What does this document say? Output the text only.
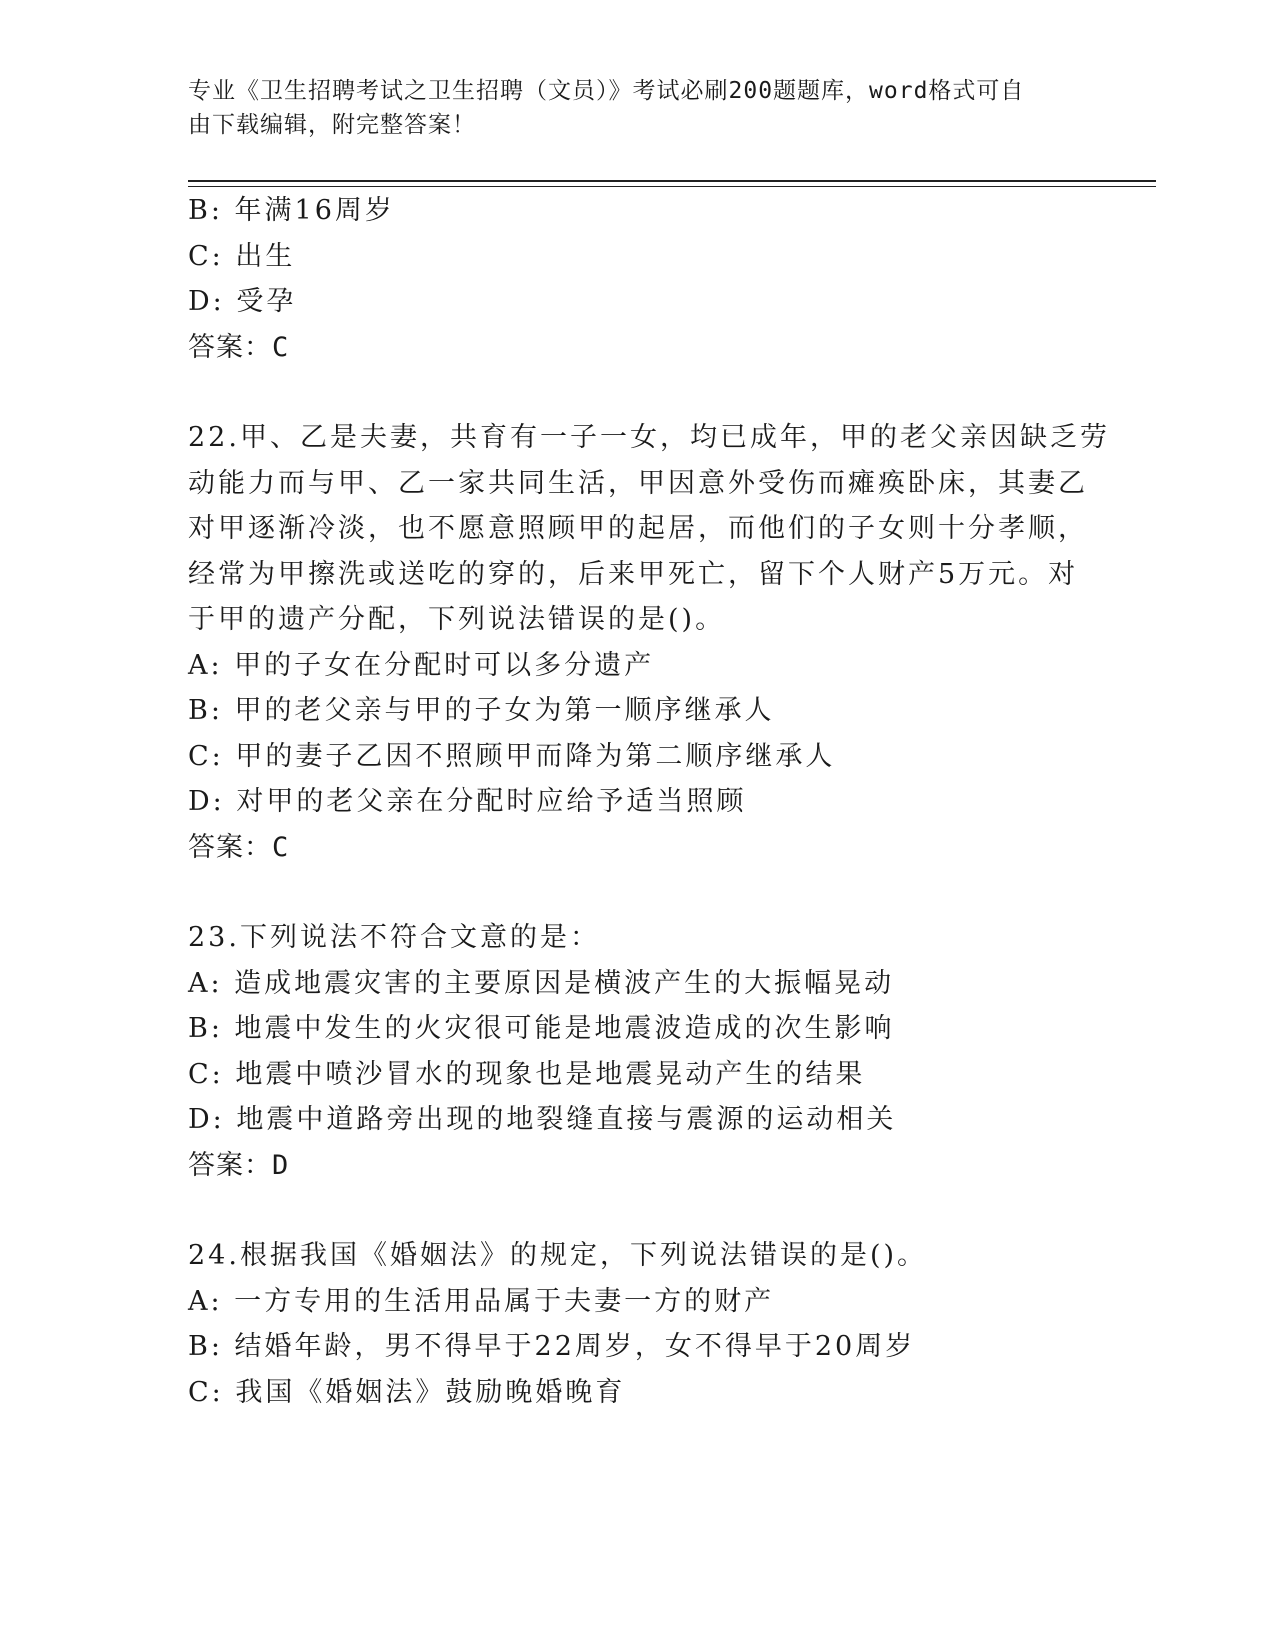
专业《卫生招聘考试之卫生招聘（文员）》考试必刷200题题库，word格式可自
由下载编辑，附完整答案！
B: 年满16周岁
C: 出生
D: 受孕
答案：C
22.甲、乙是夫妻，共育有一子一女，均已成年，甲的老父亲因缺乏劳
动能力而与甲、乙一家共同生活，甲因意外受伤而瘫痪卧床，其妻乙
对甲逐渐冷淡，也不愿意照顾甲的起居，而他们的子女则十分孝顺，
经常为甲擦洗或送吃的穿的，后来甲死亡，留下个人财产5万元。对
于甲的遗产分配，下列说法错误的是()。
A: 甲的子女在分配时可以多分遗产
B: 甲的老父亲与甲的子女为第一顺序继承人
C: 甲的妻子乙因不照顾甲而降为第二顺序继承人
D: 对甲的老父亲在分配时应给予适当照顾
答案：C
23.下列说法不符合文意的是：
A: 造成地震灾害的主要原因是横波产生的大振幅晃动
B: 地震中发生的火灾很可能是地震波造成的次生影响
C: 地震中喷沙冒水的现象也是地震晃动产生的结果
D: 地震中道路旁出现的地裂缝直接与震源的运动相关
答案：D
24.根据我国《婚姻法》的规定，下列说法错误的是()。
A: 一方专用的生活用品属于夫妻一方的财产
B: 结婚年龄，男不得早于22周岁，女不得早于20周岁
C: 我国《婚姻法》鼓励晚婚晚育
